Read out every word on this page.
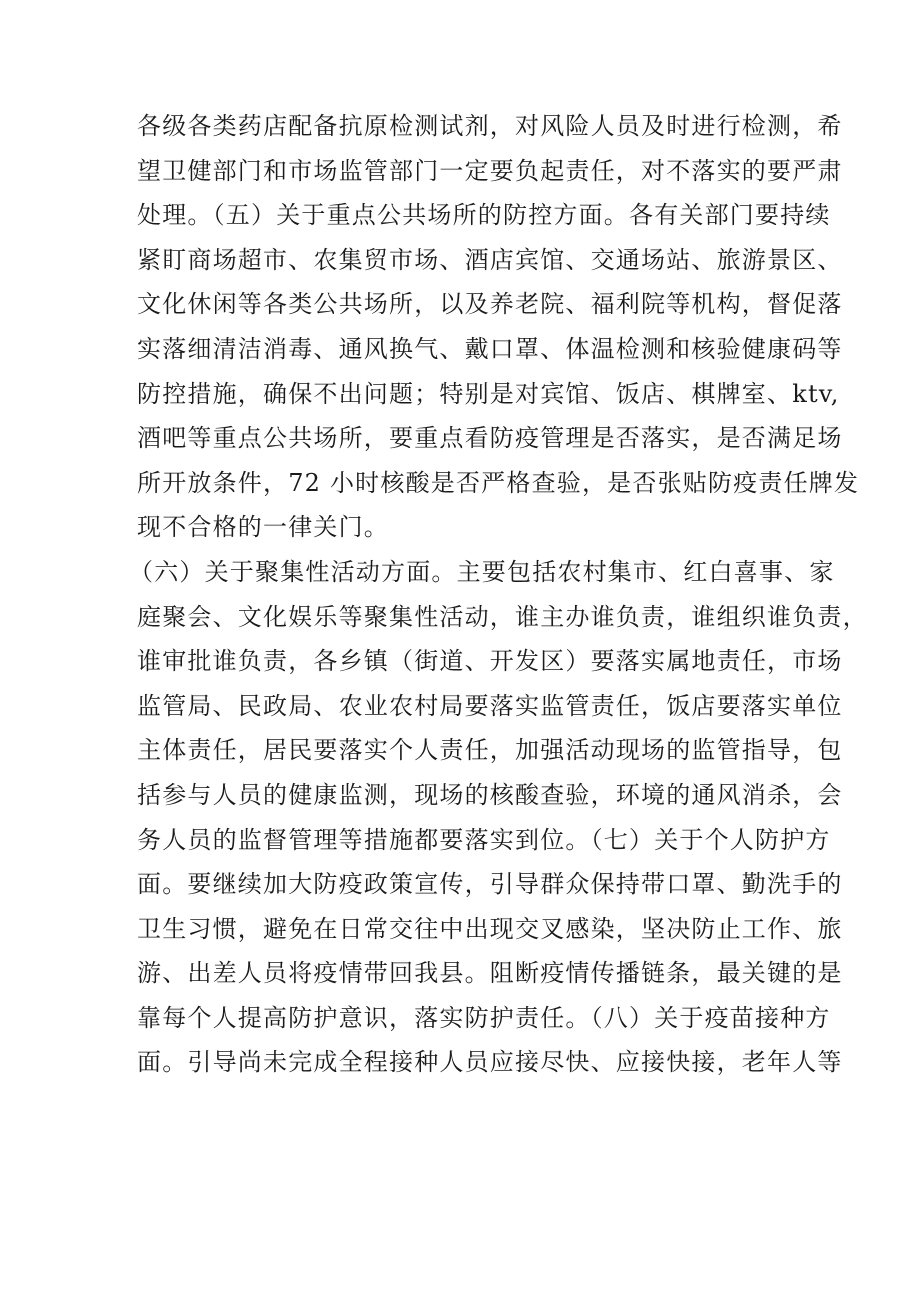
各级各类药店配备抗原检测试剂，对风险人员及时进行检测，希
望卫健部门和市场监管部门一定要负起责任，对不落实的要严肃
处理。（五）关于重点公共场所的防控方面。各有关部门要持续
紧盯商场超市、农集贸市场、酒店宾馆、交通场站、旅游景区、
文化休闲等各类公共场所，以及养老院、福利院等机构，督促落
实落细清洁消毒、通风换气、戴口罩、体温检测和核验健康码等
防控措施，确保不出问题；特别是对宾馆、饭店、棋牌室、ktv,
酒吧等重点公共场所，要重点看防疫管理是否落实，是否满足场
所开放条件，72 小时核酸是否严格查验，是否张贴防疫责任牌发
现不合格的一律关门。
（六）关于聚集性活动方面。主要包括农村集市、红白喜事、家
庭聚会、文化娱乐等聚集性活动，谁主办谁负责，谁组织谁负责，
谁审批谁负责，各乡镇（街道、开发区）要落实属地责任，市场
监管局、民政局、农业农村局要落实监管责任，饭店要落实单位
主体责任，居民要落实个人责任，加强活动现场的监管指导，包
括参与人员的健康监测，现场的核酸查验，环境的通风消杀，会
务人员的监督管理等措施都要落实到位。（七）关于个人防护方
面。要继续加大防疫政策宣传，引导群众保持带口罩、勤洗手的
卫生习惯，避免在日常交往中出现交叉感染，坚决防止工作、旅
游、出差人员将疫情带回我县。阻断疫情传播链条，最关键的是
靠每个人提高防护意识，落实防护责任。（八）关于疫苗接种方
面。引导尚未完成全程接种人员应接尽快、应接快接，老年人等
